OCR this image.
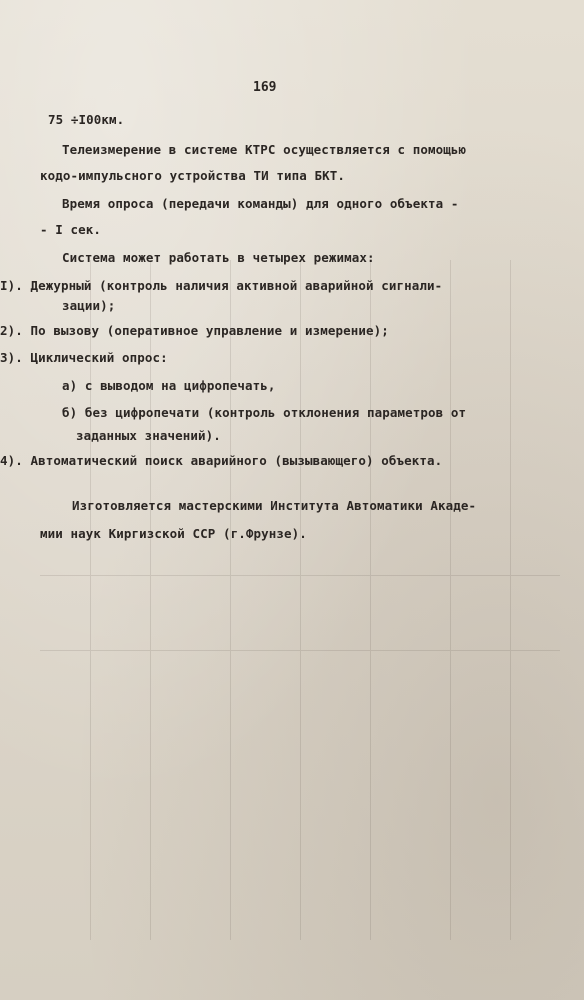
169
75 ÷I00км.
Телеизмерение в системе КТРС осуществляется с помощью
кодо-импульсного устройства ТИ типа БКТ.
Время опроса (передачи команды) для одного объекта -
- I сек.
Система может работать в четырех режимах:
I). Дежурный (контроль наличия активной аварийной сигнали-
зации);
2). По вызову (оперативное управление и измерение);
3). Циклический опрос:
а) с выводом на цифропечать,
б) без цифропечати (контроль отклонения параметров от
заданных значений).
4). Автоматический поиск аварийного (вызывающего) объекта.
Изготовляется мастерскими Института Автоматики Акаде-
мии наук Киргизской ССР (г.Фрунзе).
